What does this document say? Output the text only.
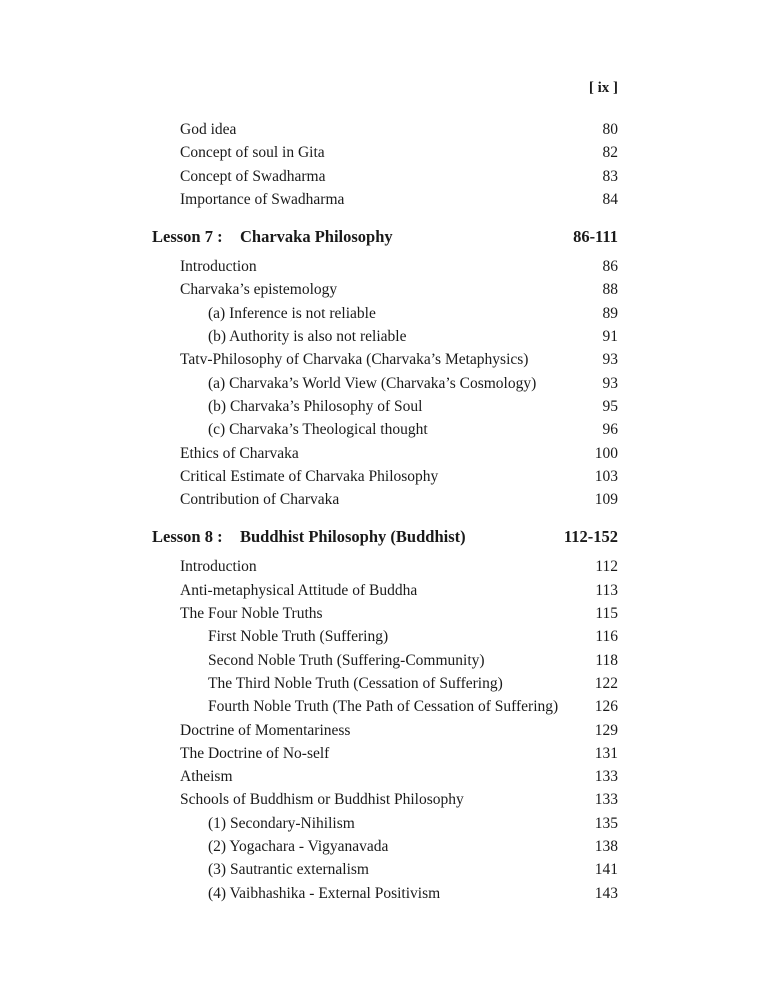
[ ix ]
God idea	80
Concept of soul in Gita	82
Concept of Swadharma	83
Importance of Swadharma	84
Lesson 7 :	Charvaka Philosophy	86-111
Introduction	86
Charvaka’s epistemology	88
(a) Inference is not reliable	89
(b) Authority is also not reliable	91
Tatv-Philosophy of Charvaka (Charvaka’s Metaphysics)	93
(a) Charvaka’s World View (Charvaka’s Cosmology)	93
(b) Charvaka’s Philosophy of Soul	95
(c) Charvaka’s Theological thought	96
Ethics of Charvaka	100
Critical Estimate of Charvaka Philosophy	103
Contribution of Charvaka	109
Lesson 8 :	Buddhist Philosophy (Buddhist)	112-152
Introduction	112
Anti-metaphysical Attitude of Buddha	113
The Four Noble Truths	115
First Noble Truth (Suffering)	116
Second Noble Truth (Suffering-Community)	118
The Third Noble Truth (Cessation of Suffering)	122
Fourth Noble Truth (The Path of Cessation of Suffering)	126
Doctrine of Momentariness	129
The Doctrine of No-self	131
Atheism	133
Schools of Buddhism or Buddhist Philosophy	133
(1) Secondary-Nihilism	135
(2) Yogachara - Vigyanavada	138
(3) Sautrantic externalism	141
(4) Vaibhashika - External Positivism	143
